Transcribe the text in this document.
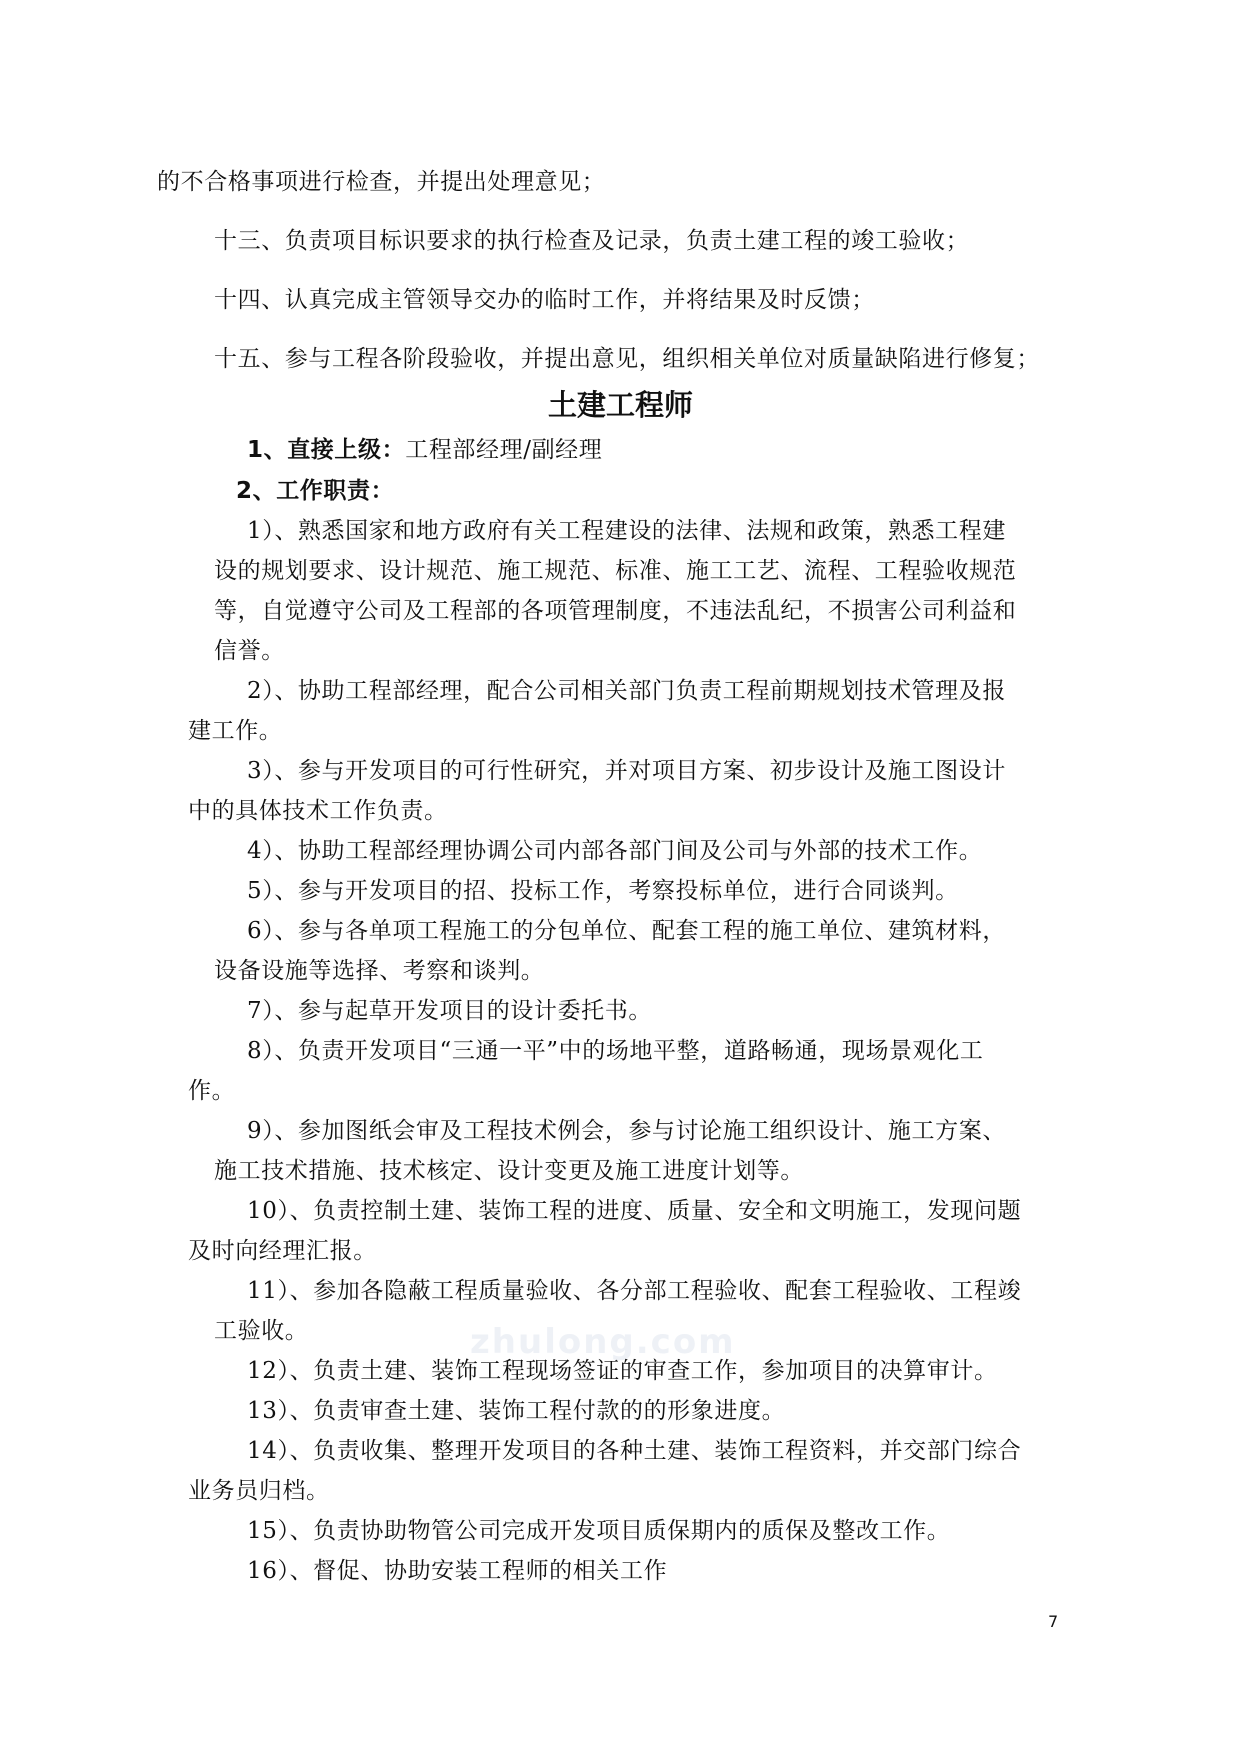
的不合格事项进行检查，并提出处理意见；
十三、负责项目标识要求的执行检查及记录，负责土建工程的竣工验收；
十四、认真完成主管领导交办的临时工作，并将结果及时反馈；
十五、参与工程各阶段验收，并提出意见，组织相关单位对质量缺陷进行修复；
土建工程师
1、直接上级：工程部经理/副经理
2、工作职责：
1）、熟悉国家和地方政府有关工程建设的法律、法规和政策，熟悉工程建
设的规划要求、设计规范、施工规范、标准、施工工艺、流程、工程验收规范
等，自觉遵守公司及工程部的各项管理制度，不违法乱纪，不损害公司利益和
信誉。
2）、协助工程部经理，配合公司相关部门负责工程前期规划技术管理及报
建工作。
3）、参与开发项目的可行性研究，并对项目方案、初步设计及施工图设计
中的具体技术工作负责。
4）、协助工程部经理协调公司内部各部门间及公司与外部的技术工作。
5）、参与开发项目的招、投标工作，考察投标单位，进行合同谈判。
6）、参与各单项工程施工的分包单位、配套工程的施工单位、建筑材料，
设备设施等选择、考察和谈判。
7）、参与起草开发项目的设计委托书。
8）、负责开发项目“三通一平”中的场地平整，道路畅通，现场景观化工
作。
9）、参加图纸会审及工程技术例会，参与讨论施工组织设计、施工方案、
施工技术措施、技术核定、设计变更及施工进度计划等。
10）、负责控制土建、装饰工程的进度、质量、安全和文明施工，发现问题
及时向经理汇报。
11）、参加各隐蔽工程质量验收、各分部工程验收、配套工程验收、工程竣
工验收。
12）、负责土建、装饰工程现场签证的审查工作，参加项目的决算审计。
13）、负责审查土建、装饰工程付款的的形象进度。
14）、负责收集、整理开发项目的各种土建、装饰工程资料，并交部门综合
业务员归档。
15）、负责协助物管公司完成开发项目质保期内的质保及整改工作。
16）、督促、协助安装工程师的相关工作
zhulong.com
7
